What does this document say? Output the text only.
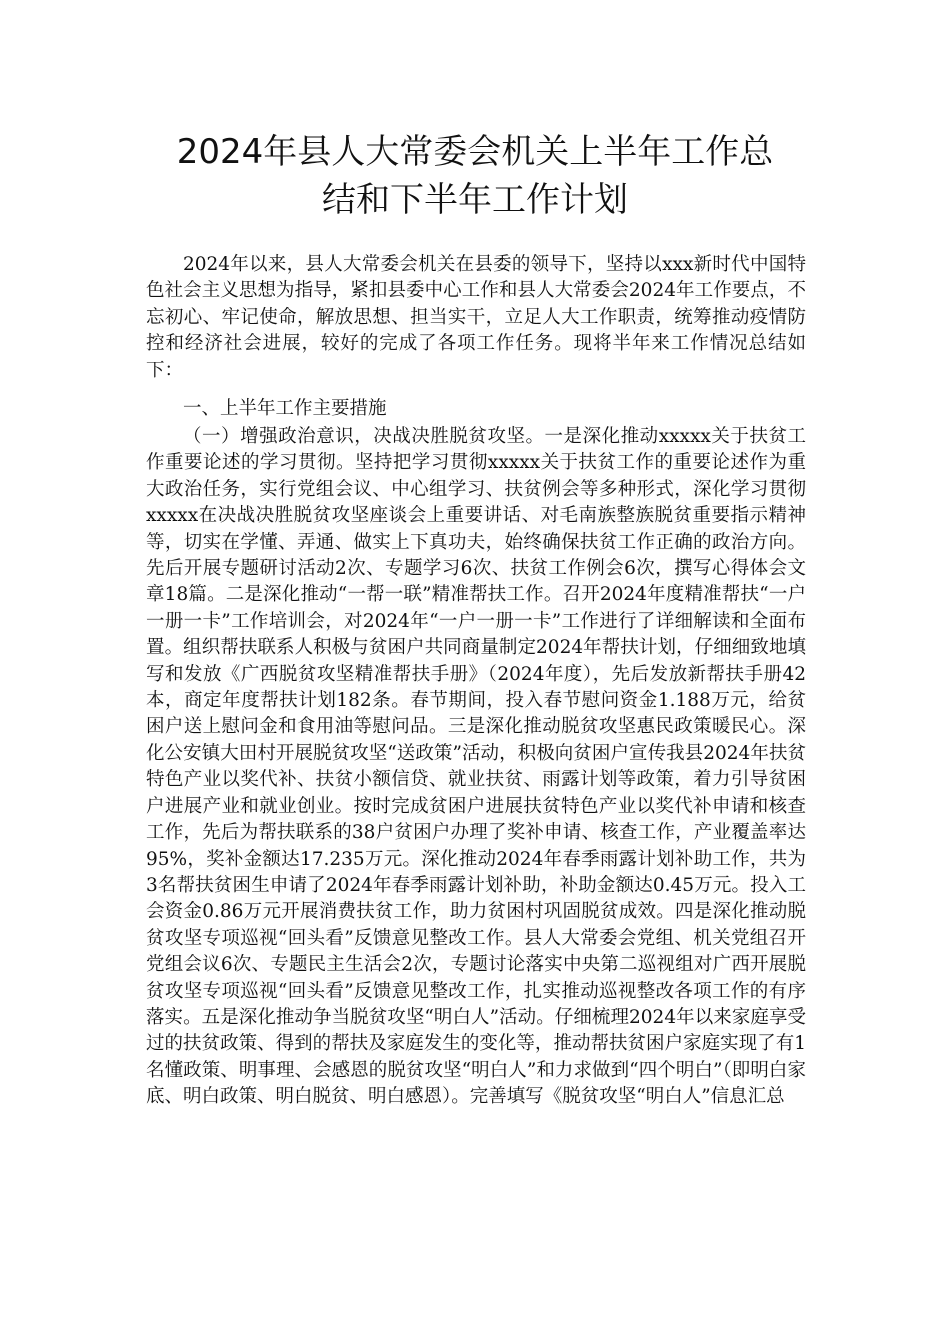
2024年县人大常委会机关上半年工作总
结和下半年工作计划

2024年以来，县人大常委会机关在县委的领导下，坚持以xxx新时代中国特色社会主义思想为指导，紧扣县委中心工作和县人大常委会2024年工作要点，不忘初心、牢记使命，解放思想、担当实干，立足人大工作职责，统筹推动疫情防控和经济社会进展，较好的完成了各项工作任务。现将半年来工作情况总结如下：

一、上半年工作主要措施

（一）增强政治意识，决战决胜脱贫攻坚。一是深化推动xxxxx关于扶贫工作重要论述的学习贯彻。坚持把学习贯彻xxxxx关于扶贫工作的重要论述作为重大政治任务，实行党组会议、中心组学习、扶贫例会等多种形式，深化学习贯彻xxxxx在决战决胜脱贫攻坚座谈会上重要讲话、对毛南族整族脱贫重要指示精神等，切实在学懂、弄通、做实上下真功夫，始终确保扶贫工作正确的政治方向。先后开展专题研讨活动2次、专题学习6次、扶贫工作例会6次，撰写心得体会文章18篇。二是深化推动“一帮一联”精准帮扶工作。召开2024年度精准帮扶“一户一册一卡”工作培训会，对2024年“一户一册一卡”工作进行了详细解读和全面布置。组织帮扶联系人积极与贫困户共同商量制定2024年帮扶计划，仔细细致地填写和发放《广西脱贫攻坚精准帮扶手册》（2024年度），先后发放新帮扶手册42本，商定年度帮扶计划182条。春节期间，投入春节慰问资金1.188万元，给贫困户送上慰问金和食用油等慰问品。三是深化推动脱贫攻坚惠民政策暖民心。深化公安镇大田村开展脱贫攻坚“送政策”活动，积极向贫困户宣传我县2024年扶贫特色产业以奖代补、扶贫小额信贷、就业扶贫、雨露计划等政策，着力引导贫困户进展产业和就业创业。按时完成贫困户进展扶贫特色产业以奖代补申请和核查工作，先后为帮扶联系的38户贫困户办理了奖补申请、核查工作，产业覆盖率达95%，奖补金额达17.235万元。深化推动2024年春季雨露计划补助工作，共为3名帮扶贫困生申请了2024年春季雨露计划补助，补助金额达0.45万元。投入工会资金0.86万元开展消费扶贫工作，助力贫困村巩固脱贫成效。四是深化推动脱贫攻坚专项巡视“回头看”反馈意见整改工作。县人大常委会党组、机关党组召开党组会议6次、专题民主生活会2次，专题讨论落实中央第二巡视组对广西开展脱贫攻坚专项巡视“回头看”反馈意见整改工作，扎实推动巡视整改各项工作的有序落实。五是深化推动争当脱贫攻坚“明白人”活动。仔细梳理2024年以来家庭享受过的扶贫政策、得到的帮扶及家庭发生的变化等，推动帮扶贫困户家庭实现了有1名懂政策、明事理、会感恩的脱贫攻坚“明白人”和力求做到“四个明白”（即明白家底、明白政策、明白脱贫、明白感恩）。完善填写《脱贫攻坚“明白人”信息汇总
